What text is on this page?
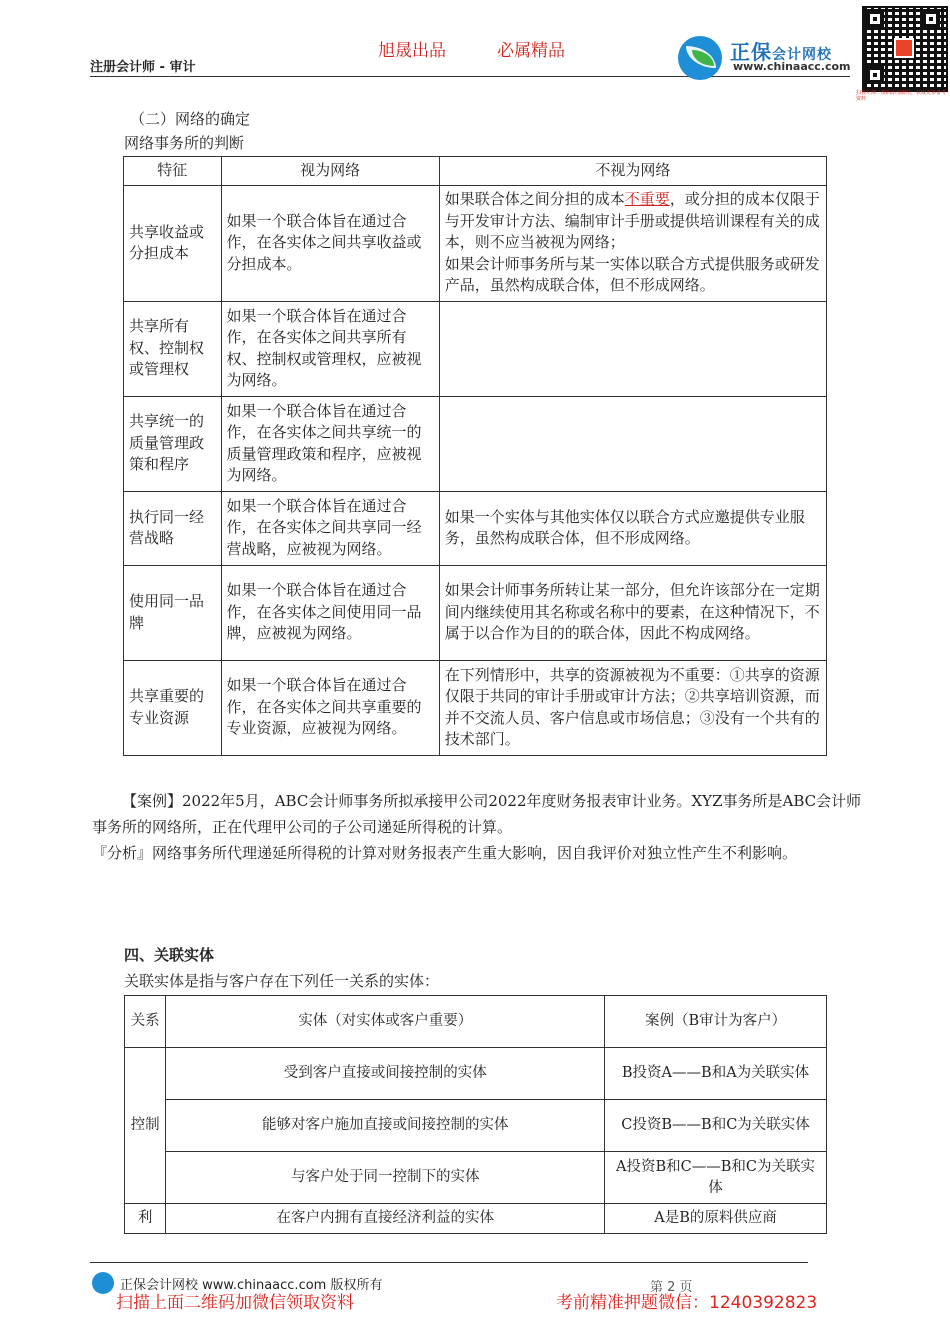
旭晟出品	必属精品
注册会计师 - 审计
正保会计网校
www.chinaacc.com
扫描左侧二维码添加微信，获取更多备考资料
（二）网络的确定
网络事务所的判断
特征	视为网络	不视为网络
共享收益或分担成本	如果一个联合体旨在通过合作，在各实体之间共享收益或分担成本。	如果联合体之间分担的成本不重要，或分担的成本仅限于与开发审计方法、编制审计手册或提供培训课程有关的成本，则不应当被视为网络；
如果会计师事务所与某一实体以联合方式提供服务或研发产品，虽然构成联合体，但不形成网络。
共享所有权、控制权或管理权	如果一个联合体旨在通过合作，在各实体之间共享所有权、控制权或管理权，应被视为网络。	
共享统一的质量管理政策和程序	如果一个联合体旨在通过合作，在各实体之间共享统一的质量管理政策和程序，应被视为网络。	
执行同一经营战略	如果一个联合体旨在通过合作，在各实体之间共享同一经营战略，应被视为网络。	如果一个实体与其他实体仅以联合方式应邀提供专业服务，虽然构成联合体，但不形成网络。
使用同一品牌	如果一个联合体旨在通过合作，在各实体之间使用同一品牌，应被视为网络。	如果会计师事务所转让某一部分，但允许该部分在一定期间内继续使用其名称或名称中的要素，在这种情况下，不属于以合作为目的的联合体，因此不构成网络。
共享重要的专业资源	如果一个联合体旨在通过合作，在各实体之间共享重要的专业资源，应被视为网络。	在下列情形中，共享的资源被视为不重要：①共享的资源仅限于共同的审计手册或审计方法；②共享培训资源，而并不交流人员、客户信息或市场信息；③没有一个共有的技术部门。
【案例】2022年5月，ABC会计师事务所拟承接甲公司2022年度财务报表审计业务。XYZ事务所是ABC会计师事务所的网络所，正在代理甲公司的子公司递延所得税的计算。
『分析』网络事务所代理递延所得税的计算对财务报表产生重大影响，因自我评价对独立性产生不利影响。
四、关联实体
关联实体是指与客户存在下列任一关系的实体：
关系	实体（对实体或客户重要）	案例（B审计为客户）
控制	受到客户直接或间接控制的实体	B投资A——B和A为关联实体
	能够对客户施加直接或间接控制的实体	C投资B——B和C为关联实体
	与客户处于同一控制下的实体	A投资B和C——B和C为关联实体
利	在客户内拥有直接经济利益的实体	A是B的原料供应商
正保会计网校 www.chinaacc.com 版权所有	第 2 页
扫描上面二维码加微信领取资料	考前精准押题微信：1240392823
